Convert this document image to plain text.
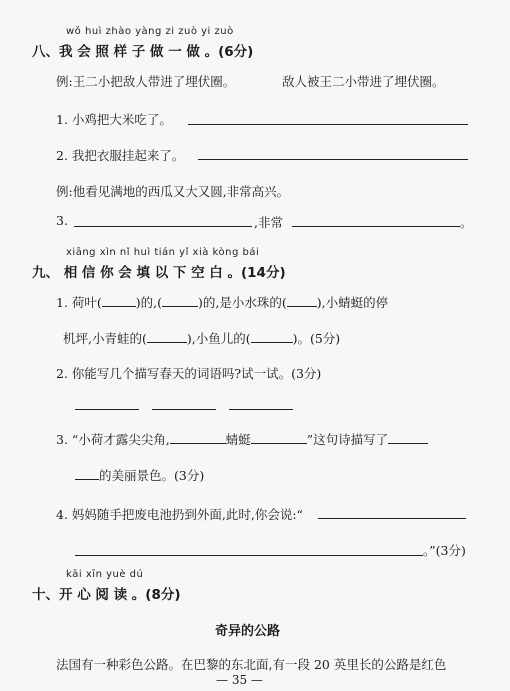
wǒ huì zhào yàng zi zuò yi zuò
八、我 会 照 样 子 做 一 做 。(6分)
例:王二小把敌人带进了埋伏圈。	敌人被王二小带进了埋伏圈。
1. 小鸡把大米吃了。
2. 我把衣服挂起来了。
例:他看见满地的西瓜又大又圆,非常高兴。
3.	,非常	。
xiāng xìn nǐ huì tián yǐ xià kòng bái
九、 相 信 你 会 填 以 下 空 白 。(14分)
1. 荷叶(	)的,(	)的,是小水珠的( ),小蜻蜓的停
机坪,小青蛙的(	),小鱼儿的(	)。(5分)
2. 你能写几个描写春天的词语吗?试一试。(3分)
3. “小荷才露尖尖角,	蜻蜓	”这句诗描写了
的美丽景色。(3分)
4. 妈妈随手把废电池扔到外面,此时,你会说:“
。”(3分)
kāi xīn yuè dú
十、开 心 阅 读 。(8分)
奇异的公路
法国有一种彩色公路。在巴黎的东北面,有一段 20 英里长的公路是红色
— 35 —
